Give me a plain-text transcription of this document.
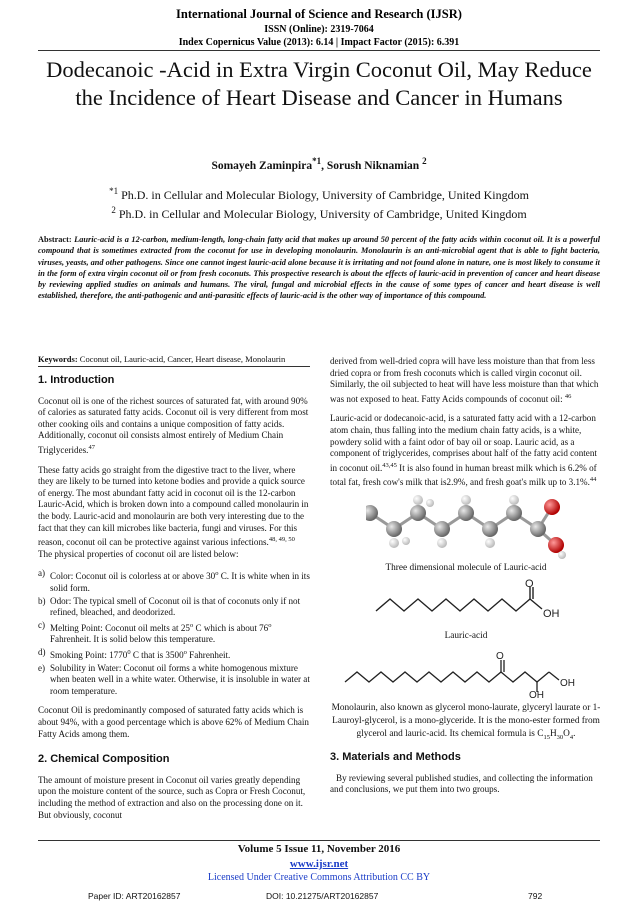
International Journal of Science and Research (IJSR)
ISSN (Online): 2319-7064
Index Copernicus Value (2013): 6.14 | Impact Factor (2015): 6.391
Dodecanoic -Acid in Extra Virgin Coconut Oil, May Reduce the Incidence of Heart Disease and Cancer in Humans
Somayeh Zaminpira$^{*1}$, Sorush Niknamian $^2$
$^{*1}$ Ph.D. in Cellular and Molecular Biology, University of Cambridge, United Kingdom
$^2$ Ph.D. in Cellular and Molecular Biology, University of Cambridge, United Kingdom
Abstract: Lauric-acid is a 12-carbon, medium-length, long-chain fatty acid that makes up around 50 percent of the fatty acids within coconut oil. It is a powerful compound that is sometimes extracted from the coconut for use in developing monolaurin. Monolaurin is an anti-microbial agent that is able to fight bacteria, viruses, yeasts, and other pathogens. Since one cannot ingest lauric-acid alone because it is irritating and not found alone in nature, one is most likely to consume it in the form of extra virgin coconut oil or from fresh coconuts. This prospective research is about the effects of lauric-acid in prevention of cancer and heart disease by reviewing applied studies on animals and humans. The viral, fungal and microbial effects in the cause of some types of cancer and heart disease is well established, therefore, the anti-pathogenic and anti-parasitic effects of lauric-acid is the other way of importance of this compound.
Keywords: Coconut oil, Lauric-acid, Cancer, Heart disease, Monolaurin
1. Introduction
Coconut oil is one of the richest sources of saturated fat, with around 90% of calories as saturated fatty acids. Coconut oil is very different from most other cooking oils and contains a unique composition of fatty acids. Additionally, coconut oil consists almost entirely of Medium Chain Triglycerides.$^{47}$
These fatty acids go straight from the digestive tract to the liver, where they are likely to be turned into ketone bodies and provide a quick source of energy. The most abundant fatty acid in coconut oil is the 12-carbon Lauric-Acid, which is broken down into a compound called monolaurin in the body. Lauric-acid and monolaurin are both very interesting due to the fact that they can kill microbes like bacteria, fungi and viruses. For this reason, coconut oil can be protective against various infections.$^{48, 49, 50}$ The physical properties of coconut oil are listed below:
a) Color: Coconut oil is colorless at or above 30$^o$ C. It is white when in its solid form.
b) Odor: The typical smell of Coconut oil is that of coconuts only if not refined, bleached, and deodorized.
c) Melting Point: Coconut oil melts at 25$^o$ C which is about 76$^o$ Fahrenheit. It is solid below this temperature.
d) Smoking Point: 1770$^0$ C that is 3500$^o$ Fahrenheit.
e) Solubility in Water: Coconut oil forms a white homogenous mixture when beaten well in a white water. Otherwise, it is insoluble in water at room temperature.
Coconut Oil is predominantly composed of saturated fatty acids which is about 94%, with a good percentage which is above 62% of Medium Chain Fatty Acids among them.
2. Chemical Composition
The amount of moisture present in Coconut oil varies greatly depending upon the moisture content of the source, such as Copra or Fresh Coconut, including the method of extraction and also on the processing done on it. But obviously, coconut
derived from well-dried copra will have less moisture than that from less dried copra or from fresh coconuts which is called virgin coconut oil. Similarly, the oil subjected to heat will have less moisture than that which was not exposed to heat. Fatty Acids compounds of coconut oil: $^{46}$
Lauric-acid or dodecanoic-acid, is a saturated fatty acid with a 12-carbon atom chain, thus falling into the medium chain fatty acids, is a white, powdery solid with a faint odor of bay oil or soap. Lauric acid, as a component of triglycerides, comprises about half of the fatty acid content in coconut oil.$^{43,45}$ It is also found in human breast milk which is 6.2% of total fat, fresh cow's milk that is2.9%, and fresh goat's milk up to 3.1%.$^{44}$
Three dimensional molecule of Lauric-acid
O
OH
Lauric-acid
O
OH
OH
Monolaurin, also known as glycerol mono-laurate, glyceryl laurate or 1-Lauroyl-glycerol, is a mono-glyceride. It is the mono-ester formed from glycerol and lauric-acid. Its chemical formula is $C_{15}H_{30}O_4$.
3. Materials and Methods
By reviewing several published studies, and collecting the information and conclusions, we put them into two groups.
Volume 5 Issue 11, November 2016
www.ijsr.net
Licensed Under Creative Commons Attribution CC BY
Paper ID: ART20162857	DOI: 10.21275/ART20162857	792
